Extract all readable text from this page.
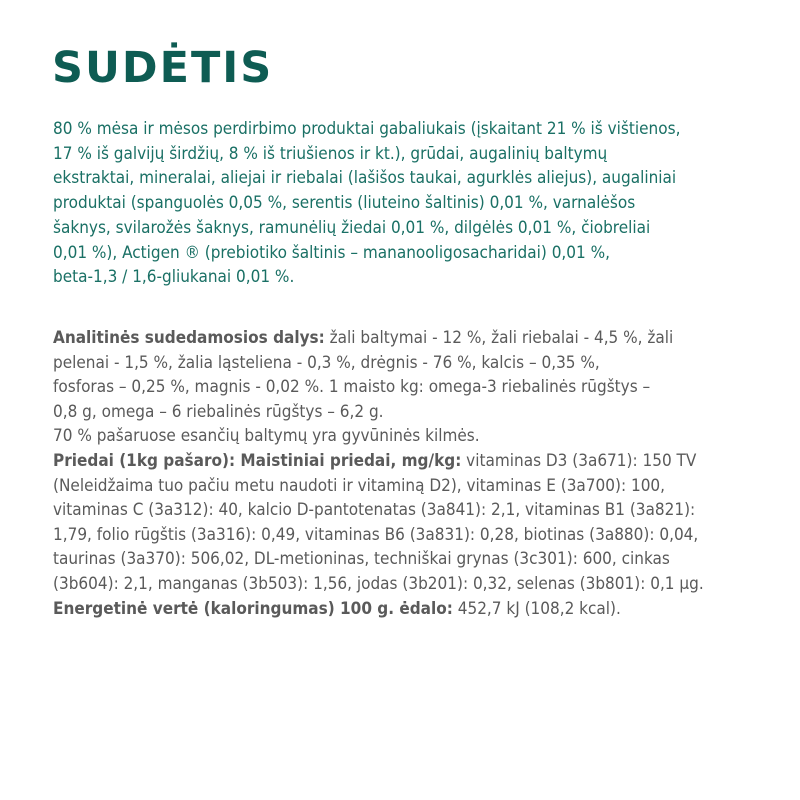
SUDĖTIS
80 % mėsa ir mėsos perdirbimo produktai gabaliukais (įskaitant 21 % iš vištienos,
17 % iš galvijų širdžių, 8 % iš triušienos ir kt.), grūdai, augalinių baltymų
ekstraktai, mineralai, aliejai ir riebalai (lašišos taukai, agurklės aliejus), augaliniai
produktai (spanguolės 0,05 %, serentis (liuteino šaltinis) 0,01 %, varnalėšos
šaknys, svilarožės šaknys, ramunėlių žiedai 0,01 %, dilgėlės 0,01 %, čiobreliai
0,01 %), Actigen ® (prebiotiko šaltinis – mananooligosacharidai) 0,01 %,
beta-1,3 / 1,6-gliukanai 0,01 %.
Analitinės sudedamosios dalys: žali baltymai - 12 %, žali riebalai - 4,5 %, žali
pelenai - 1,5 %, žalia ląsteliena - 0,3 %, drėgnis - 76 %, kalcis – 0,35 %,
fosforas – 0,25 %, magnis - 0,02 %. 1 maisto kg: omega-3 riebalinės rūgštys –
0,8 g, omega – 6 riebalinės rūgštys – 6,2 g.
70 % pašaruose esančių baltymų yra gyvūninės kilmės.
Priedai (1kg pašaro): Maistiniai priedai, mg/kg: vitaminas D3 (3a671): 150 TV
(Neleidžaima tuo pačiu metu naudoti ir vitaminą D2), vitaminas E (3a700): 100,
vitaminas C (3a312): 40, kalcio D-pantotenatas (3a841): 2,1, vitaminas B1 (3a821):
1,79, folio rūgštis (3a316): 0,49, vitaminas B6 (3a831): 0,28, biotinas (3a880): 0,04,
taurinas (3a370): 506,02, DL-metioninas, techniškai grynas (3c301): 600, cinkas
(3b604): 2,1, manganas (3b503): 1,56, jodas (3b201): 0,32, selenas (3b801): 0,1 µg.
Energetinė vertė (kaloringumas) 100 g. ėdalo: 452,7 kJ (108,2 kcal).
